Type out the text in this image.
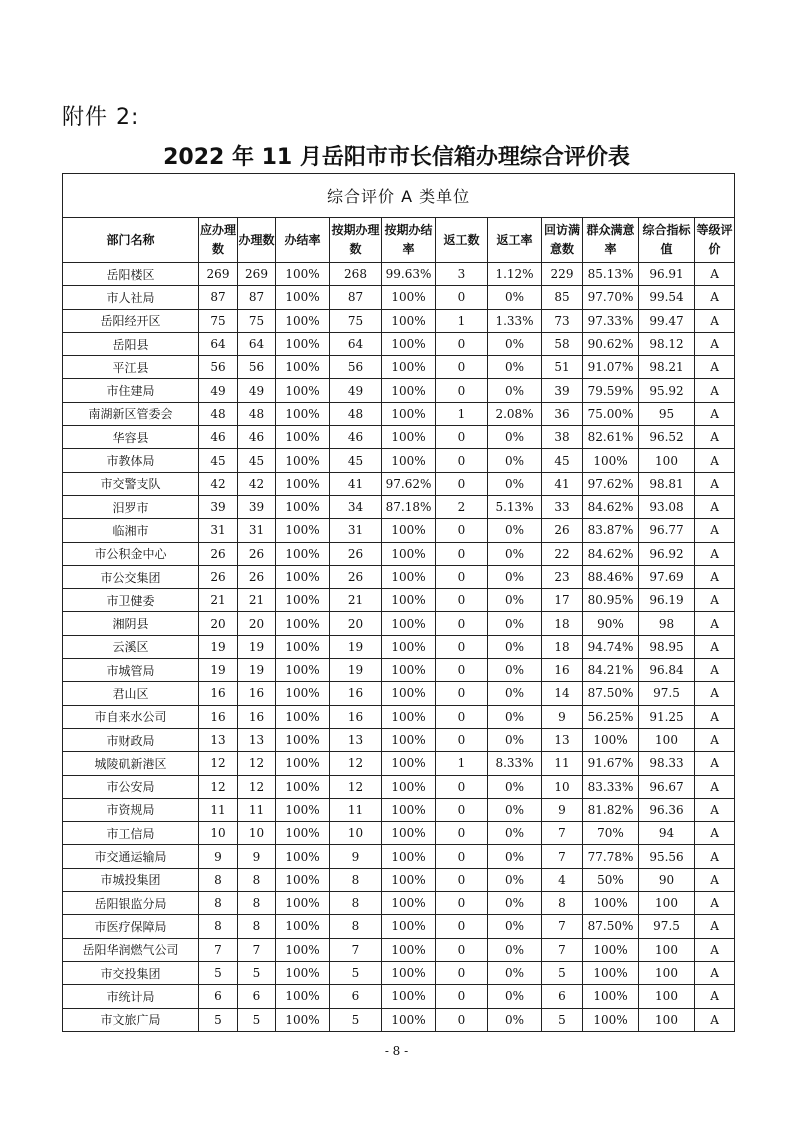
附件 2:
2022 年 11 月岳阳市市长信箱办理综合评价表
综合评价 A 类单位											
部门名称	应办理数	办理数	办结率	按期办理数	按期办结率	返工数	返工率	回访满意数	群众满意率	综合指标值	等级评价
岳阳楼区	269	269	100%	268	99.63%	3	1.12%	229	85.13%	96.91	A
市人社局	87	87	100%	87	100%	0	0%	85	97.70%	99.54	A
岳阳经开区	75	75	100%	75	100%	1	1.33%	73	97.33%	99.47	A
岳阳县	64	64	100%	64	100%	0	0%	58	90.62%	98.12	A
平江县	56	56	100%	56	100%	0	0%	51	91.07%	98.21	A
市住建局	49	49	100%	49	100%	0	0%	39	79.59%	95.92	A
南湖新区管委会	48	48	100%	48	100%	1	2.08%	36	75.00%	95	A
华容县	46	46	100%	46	100%	0	0%	38	82.61%	96.52	A
市教体局	45	45	100%	45	100%	0	0%	45	100%	100	A
市交警支队	42	42	100%	41	97.62%	0	0%	41	97.62%	98.81	A
汨罗市	39	39	100%	34	87.18%	2	5.13%	33	84.62%	93.08	A
临湘市	31	31	100%	31	100%	0	0%	26	83.87%	96.77	A
市公积金中心	26	26	100%	26	100%	0	0%	22	84.62%	96.92	A
市公交集团	26	26	100%	26	100%	0	0%	23	88.46%	97.69	A
市卫健委	21	21	100%	21	100%	0	0%	17	80.95%	96.19	A
湘阴县	20	20	100%	20	100%	0	0%	18	90%	98	A
云溪区	19	19	100%	19	100%	0	0%	18	94.74%	98.95	A
市城管局	19	19	100%	19	100%	0	0%	16	84.21%	96.84	A
君山区	16	16	100%	16	100%	0	0%	14	87.50%	97.5	A
市自来水公司	16	16	100%	16	100%	0	0%	9	56.25%	91.25	A
市财政局	13	13	100%	13	100%	0	0%	13	100%	100	A
城陵矶新港区	12	12	100%	12	100%	1	8.33%	11	91.67%	98.33	A
市公安局	12	12	100%	12	100%	0	0%	10	83.33%	96.67	A
市资规局	11	11	100%	11	100%	0	0%	9	81.82%	96.36	A
市工信局	10	10	100%	10	100%	0	0%	7	70%	94	A
市交通运输局	9	9	100%	9	100%	0	0%	7	77.78%	95.56	A
市城投集团	8	8	100%	8	100%	0	0%	4	50%	90	A
岳阳银监分局	8	8	100%	8	100%	0	0%	8	100%	100	A
市医疗保障局	8	8	100%	8	100%	0	0%	7	87.50%	97.5	A
岳阳华润燃气公司	7	7	100%	7	100%	0	0%	7	100%	100	A
市交投集团	5	5	100%	5	100%	0	0%	5	100%	100	A
市统计局	6	6	100%	6	100%	0	0%	6	100%	100	A
市文旅广局	5	5	100%	5	100%	0	0%	5	100%	100	A
- 8 -
